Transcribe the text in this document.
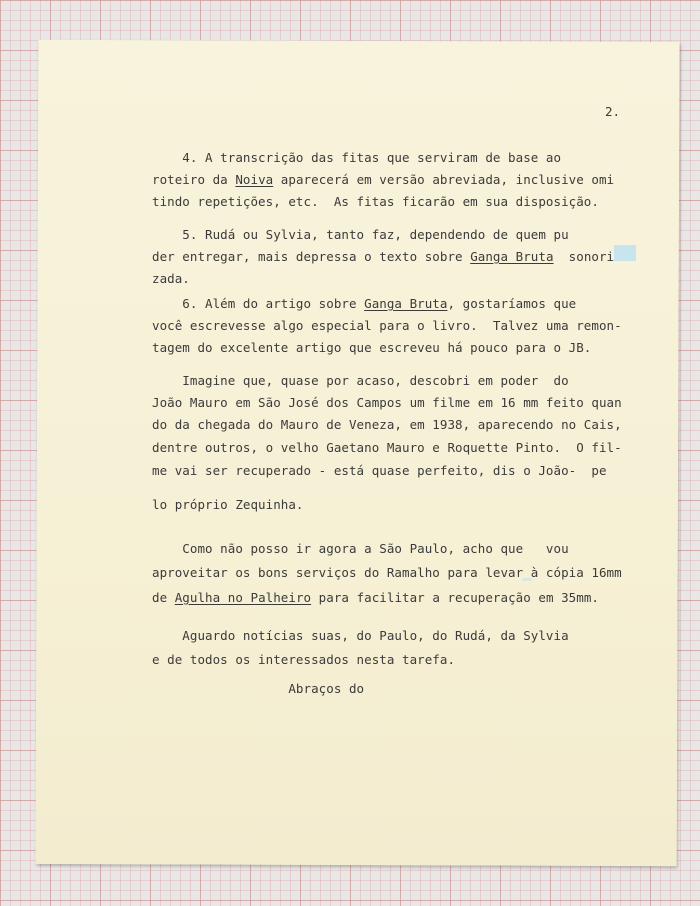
2.
4. A transcrição das fitas que serviram de base ao
roteiro da Noiva aparecerá em versão abreviada, inclusive omi
tindo repetições, etc.  As fitas ficarão em sua disposição.
5. Rudá ou Sylvia, tanto faz, dependendo de quem pu
der entregar, mais depressa o texto sobre Ganga Bruta  sonori
zada.
6. Além do artigo sobre Ganga Bruta, gostaríamos que
você escrevesse algo especial para o livro.  Talvez uma remon-
tagem do excelente artigo que escreveu há pouco para o JB.
Imagine que, quase por acaso, descobri em poder  do
João Mauro em São José dos Campos um filme em 16 mm feito quan
do da chegada do Mauro de Veneza, em 1938, aparecendo no Cais,
dentre outros, o velho Gaetano Mauro e Roquette Pinto.  O fil-
me vai ser recuperado - está quase perfeito, dis o João-  pe
lo próprio Zequinha.
Como não posso ir agora a São Paulo, acho que   vou
aproveitar os bons serviços do Ramalho para levar à cópia 16mm
de Agulha no Palheiro para facilitar a recuperação em 35mm.
Aguardo notícias suas, do Paulo, do Rudá, da Sylvia
e de todos os interessados nesta tarefa.
Abraços do
